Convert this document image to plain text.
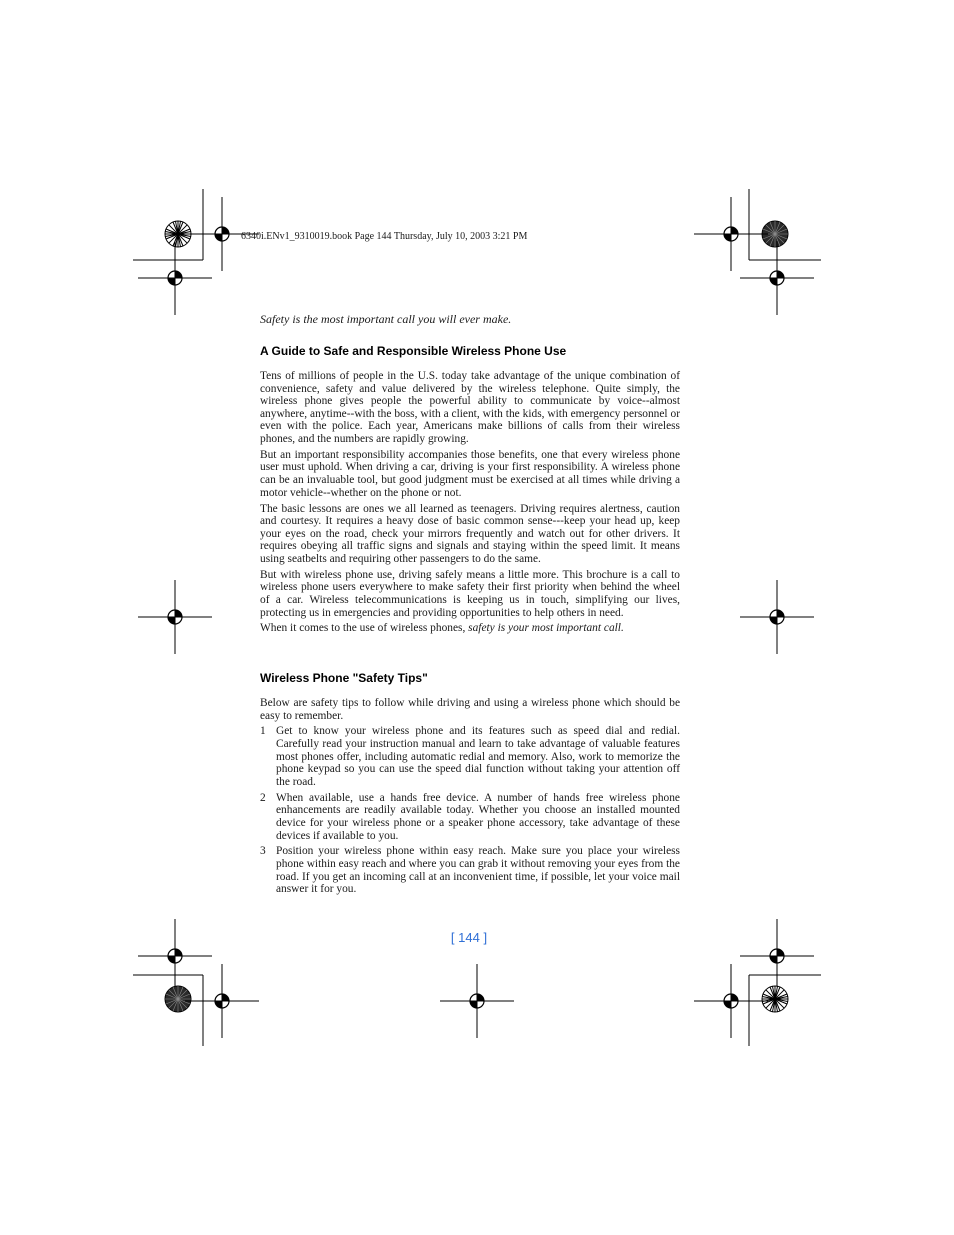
6340i.ENv1_9310019.book Page 144 Thursday, July 10, 2003 3:21 PM
Safety is the most important call you will ever make.
A Guide to Safe and Responsible Wireless Phone Use

Tens of millions of people in the U.S. today take advantage of the unique combination of convenience, safety and value delivered by the wireless telephone. Quite simply, the wireless phone gives people the powerful ability to communicate by voice--almost anywhere, anytime--with the boss, with a client, with the kids, with emergency personnel or even with the police. Each year, Americans make billions of calls from their wireless phones, and the numbers are rapidly growing.

But an important responsibility accompanies those benefits, one that every wireless phone user must uphold. When driving a car, driving is your first responsibility. A wireless phone can be an invaluable tool, but good judgment must be exercised at all times while driving a motor vehicle--whether on the phone or not.

The basic lessons are ones we all learned as teenagers. Driving requires alertness, caution and courtesy. It requires a heavy dose of basic common sense---keep your head up, keep your eyes on the road, check your mirrors frequently and watch out for other drivers. It requires obeying all traffic signs and signals and staying within the speed limit. It means using seatbelts and requiring other passengers to do the same.

But with wireless phone use, driving safely means a little more. This brochure is a call to wireless phone users everywhere to make safety their first priority when behind the wheel of a car. Wireless telecommunications is keeping us in touch, simplifying our lives, protecting us in emergencies and providing opportunities to help others in need.

When it comes to the use of wireless phones, safety is your most important call.

Wireless Phone "Safety Tips"

Below are safety tips to follow while driving and using a wireless phone which should be easy to remember.

1 Get to know your wireless phone and its features such as speed dial and redial. Carefully read your instruction manual and learn to take advantage of valuable features most phones offer, including automatic redial and memory. Also, work to memorize the phone keypad so you can use the speed dial function without taking your attention off the road.
2 When available, use a hands free device. A number of hands free wireless phone enhancements are readily available today. Whether you choose an installed mounted device for your wireless phone or a speaker phone accessory, take advantage of these devices if available to you.
3 Position your wireless phone within easy reach. Make sure you place your wireless phone within easy reach and where you can grab it without removing your eyes from the road. If you get an incoming call at an inconvenient time, if possible, let your voice mail answer it for you.
[ 144 ]
